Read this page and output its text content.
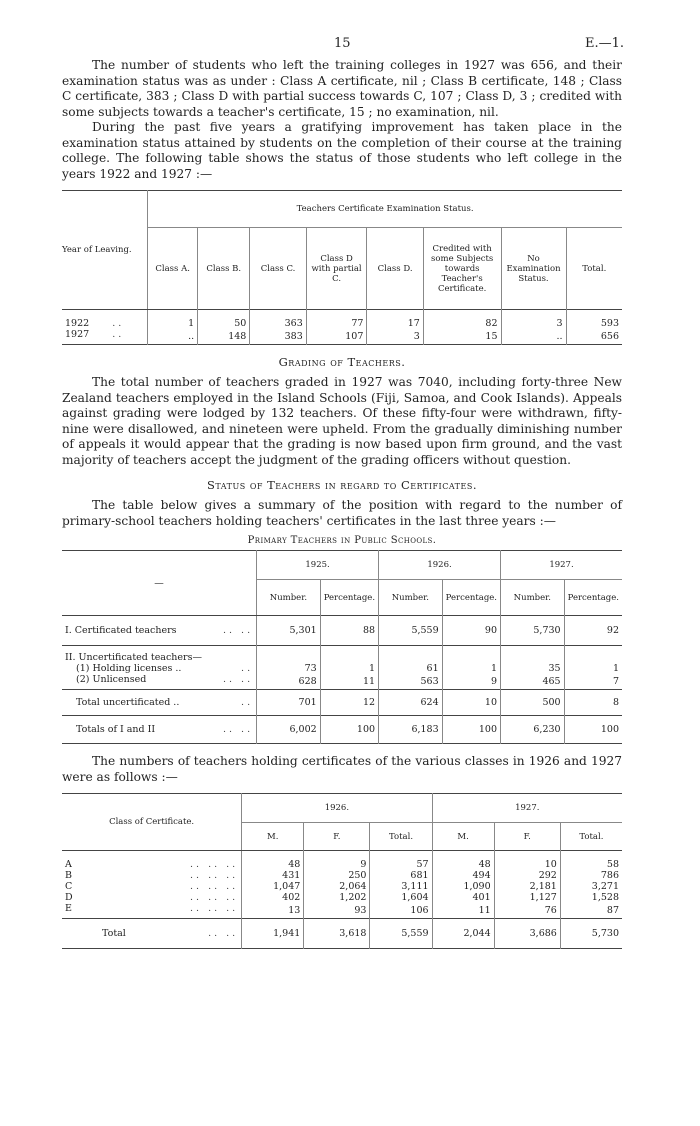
15	E.—1.

The number of students who left the training colleges in 1927 was 656, and their examination status was as under : Class A certificate, nil ; Class B certificate, 148 ; Class C certificate, 383 ; Class D with partial success towards C, 107 ; Class D, 3 ; credited with some subjects towards a teacher's certificate, 15 ; no examination, nil.

During the past five years a gratifying improvement has taken place in the examination status attained by students on the completion of their course at the training college. The following table shows the status of those students who left college in the years 1922 and 1927 :—

Year of Leaving.	Teachers Certificate Examination Status.							
	Class A.	Class B.	Class C.	Class D with partial C.	Class D.	Credited with some Subjects towards Teacher's Certificate.	No Examination Status.	Total.
1922 ..	1	50	363	77	17	82	3	593
1927 ..	..	148	383	107	3	15	..	656
Grading of Teachers.

The total number of teachers graded in 1927 was 7040, including forty-three New Zealand teachers employed in the Island Schools (Fiji, Samoa, and Cook Islands). Appeals against grading were lodged by 132 teachers. Of these fifty-four were withdrawn, fifty-nine were disallowed, and nineteen were upheld. From the gradually diminishing number of appeals it would appear that the grading is now based upon firm ground, and the vast majority of teachers accept the judgment of the grading officers without question.

Status of Teachers in regard to Certificates.

The table below gives a summary of the position with regard to the number of primary-school teachers holding teachers' certificates in the last three years :—

Primary Teachers in Public Schools.
—	1925.		1926.		1927.	
	Number.	Percentage.	Number.	Percentage.	Number.	Percentage.
I. Certificated teachers .. ..	5,301	88	5,559	90	5,730	92
II. Uncertificated teachers—						
(1) Holding licenses .. ..	73	1	61	1	35	1
(2) Unlicensed .. ..	628	11	563	9	465	7
Total uncertificated .. ..	701	12	624	10	500	8
Totals of I and II .. ..	6,002	100	6,183	100	6,230	100

The numbers of teachers holding certificates of the various classes in 1926 and 1927 were as follows :—

Class of Certificate.	1926.			1927.		
	M.	F.	Total.	M.	F.	Total.
A .. .. ..	48	9	57	48	10	58
B .. .. ..	431	250	681	494	292	786
C .. .. ..	1,047	2,064	3,111	1,090	2,181	3,271
D .. .. ..	402	1,202	1,604	401	1,127	1,528
E .. .. ..	13	93	106	11	76	87
Total .. ..	1,941	3,618	5,559	2,044	3,686	5,730
